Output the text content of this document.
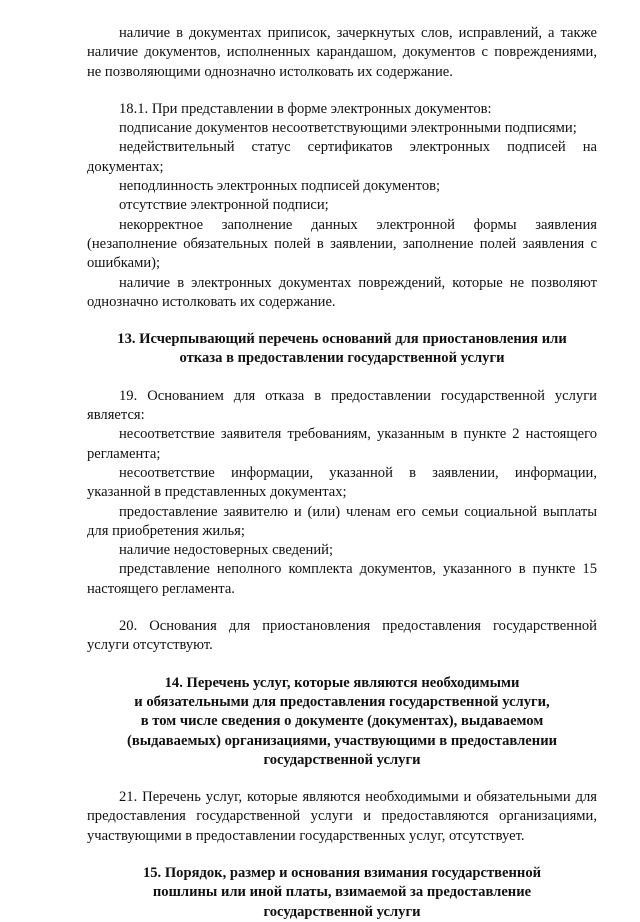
наличие в документах приписок, зачеркнутых слов, исправлений, а также наличие документов, исполненных карандашом, документов с повреждениями, не позволяющими однозначно истолковать их содержание.

18.1. При представлении в форме электронных документов:

подписание документов несоответствующими электронными подписями;

недействительный статус сертификатов электронных подписей на документах;

неподлинность электронных подписей документов;

отсутствие электронной подписи;

некорректное заполнение данных электронной формы заявления (незаполнение обязательных полей в заявлении, заполнение полей заявления с ошибками);

наличие в электронных документах повреждений, которые не позволяют однозначно истолковать их содержание.

13. Исчерпывающий перечень оснований для приостановления или
отказа в предоставлении государственной услуги

19. Основанием для отказа в предоставлении государственной услуги является:

несоответствие заявителя требованиям, указанным в пункте 2 настоящего регламента;

несоответствие информации, указанной в заявлении, информации, указанной в представленных документах;

предоставление заявителю и (или) членам его семьи социальной выплаты для приобретения жилья;

наличие недостоверных сведений;

представление неполного комплекта документов, указанного в пункте 15 настоящего регламента.

20. Основания для приостановления предоставления государственной услуги отсутствуют.

14. Перечень услуг, которые являются необходимыми
и обязательными для предоставления государственной услуги,
в том числе сведения о документе (документах), выдаваемом
(выдаваемых) организациями, участвующими в предоставлении
государственной услуги

21. Перечень услуг, которые являются необходимыми и обязательными для предоставления государственной услуги и предоставляются организациями, участвующими в предоставлении государственных услуг, отсутствует.

15. Порядок, размер и основания взимания государственной
пошлины или иной платы, взимаемой за предоставление
государственной услуги
